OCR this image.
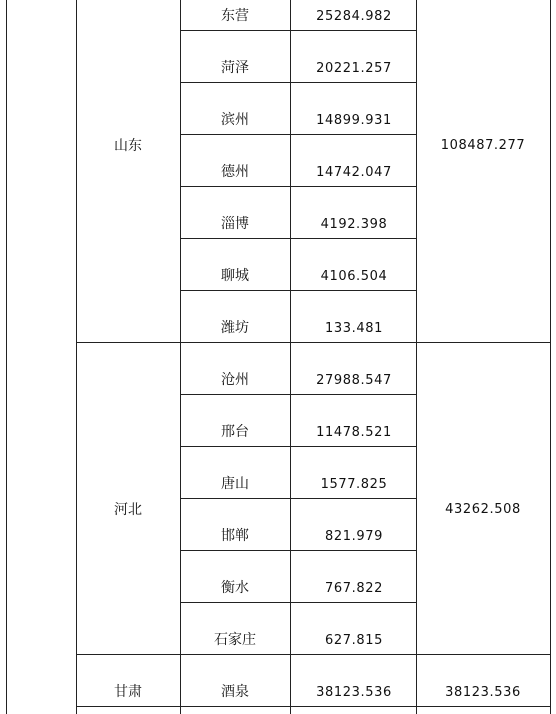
山东	108487.277
东营	25284.982
菏泽	20221.257
滨州	14899.931
德州	14742.047
淄博	4192.398
聊城	4106.504
潍坊	133.481
河北	43262.508
沧州	27988.547
邢台	11478.521
唐山	1577.825
邯郸	821.979
衡水	767.822
石家庄	627.815
甘肃	38123.536
酒泉	38123.536
